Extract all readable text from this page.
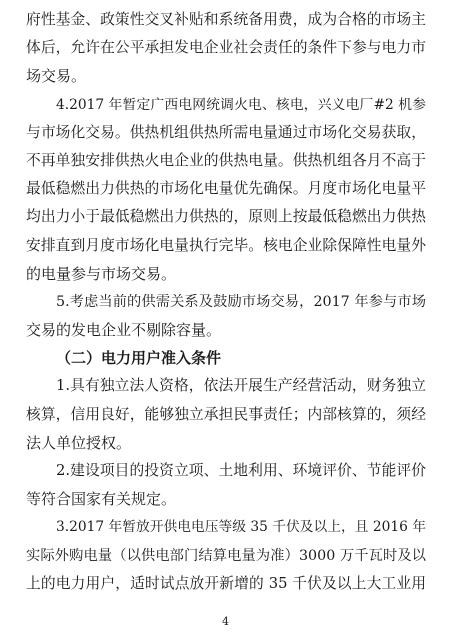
府性基金、政策性交叉补贴和系统备用费，成为合格的市场主
体后，允许在公平承担发电企业社会责任的条件下参与电力市
场交易。
4.2017 年暂定广西电网统调火电、核电，兴义电厂#2 机参
与市场化交易。供热机组供热所需电量通过市场化交易获取，
不再单独安排供热火电企业的供热电量。供热机组各月不高于
最低稳燃出力供热的市场化电量优先确保。月度市场化电量平
均出力小于最低稳燃出力供热的，原则上按最低稳燃出力供热
安排直到月度市场化电量执行完毕。核电企业除保障性电量外
的电量参与市场交易。
5.考虑当前的供需关系及鼓励市场交易，2017 年参与市场
交易的发电企业不剔除容量。
（二）电力用户准入条件
1.具有独立法人资格，依法开展生产经营活动，财务独立
核算，信用良好，能够独立承担民事责任；内部核算的，须经
法人单位授权。
2.建设项目的投资立项、土地利用、环境评价、节能评价
等符合国家有关规定。
3.2017 年暂放开供电电压等级 35 千伏及以上，且 2016 年
实际外购电量（以供电部门结算电量为准）3000 万千瓦时及以
上的电力用户，适时试点放开新增的 35 千伏及以上大工业用
4
